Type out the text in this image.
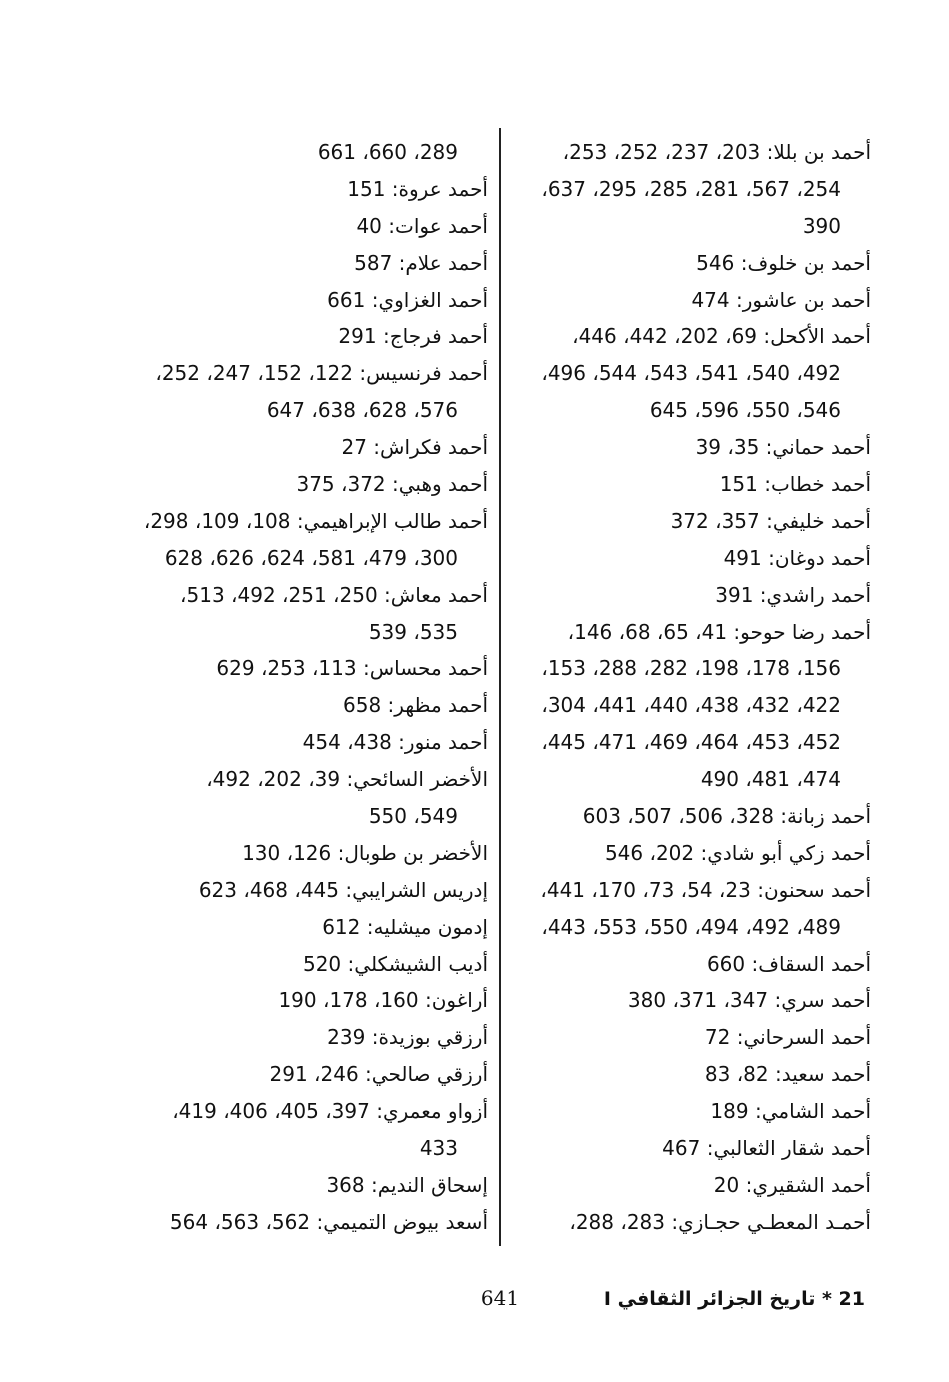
أحمد بن بللا: 203، 237، 252، 253،
254، 567، 281، 285، 295، 637،
390
أحمد بن خلوف: 546
أحمد بن عاشور: 474
أحمد الأكحل: 69، 202، 442، 446،
492، 540، 541، 543، 544، 496،
546، 550، 596، 645
أحمد حماني: 35، 39
أحمد خطاب: 151
أحمد خليفي: 357، 372
أحمد دوغان: 491
أحمد راشدي: 391
أحمد رضا حوحو: 41، 65، 68، 146،
156، 178، 198، 282، 288، 153،
422، 432، 438، 440، 441، 304،
452، 453، 464، 469، 471، 445،
474، 481، 490
أحمد زبانة: 328، 506، 507، 603
أحمد زكي أبو شادي: 202، 546
أحمد سحنون: 23، 54، 73، 170، 441،
489، 492، 494، 550، 553، 443،
أحمد السقاف: 660
أحمد سري: 347، 371، 380
أحمد السرحاني: 72
أحمد سعيد: 82، 83
أحمد الشامي: 189
أحمد شقار الثعالبي: 467
أحمد الشقيري: 20
أحمـد المعطـي حجـازي: 283، 288،
289، 660، 661
أحمد عروة: 151
أحمد عوات: 40
أحمد علام: 587
أحمد الغزاوي: 661
أحمد فرجاج: 291
أحمد فرنسيس: 122، 152، 247، 252،
576، 628، 638، 647
أحمد فكراش: 27
أحمد وهبي: 372، 375
أحمد طالب الإبراهيمي: 108، 109، 298،
300، 479، 581، 624، 626، 628
أحمد معاش: 250، 251، 492، 513،
535، 539
أحمد محساس: 113، 253، 629
أحمد مظهر: 658
أحمد منور: 438، 454
الأخضر السائحي: 39، 202، 492،
549، 550
الأخضر بن طوبال: 126، 130
إدريس الشرايبي: 445، 468، 623
إدمون ميشليه: 612
أديب الشيشكلي: 520
أراغون: 160، 178، 190
أرزقي بوزيدة: 239
أرزقي صالحي: 246، 291
أزواو معمري: 397، 405، 406، 419،
433
إسحاق النديم: 368
أسعد بيوض التميمي: 562، 563، 564
21 * تاريخ الجزائر الثقافي I
641
